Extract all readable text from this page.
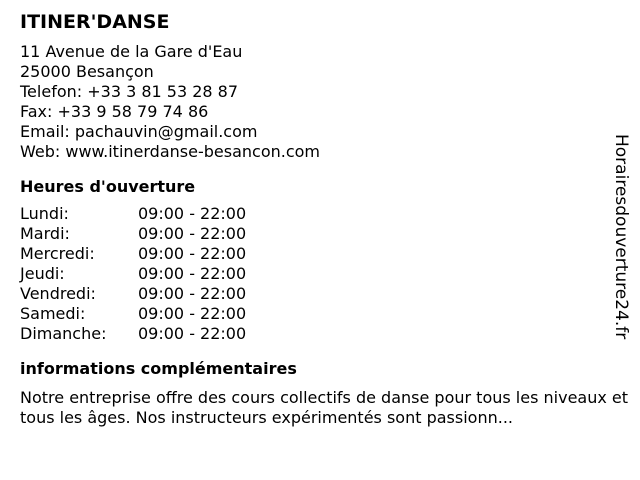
ITINER'DANSE
11 Avenue de la Gare d'Eau
25000 Besançon
Telefon: +33 3 81 53 28 87
Fax: +33 9 58 79 74 86
Email: pachauvin@gmail.com
Web: www.itinerdanse-besancon.com
Heures d'ouverture
Lundi:	09:00 - 22:00
Mardi:	09:00 - 22:00
Mercredi:	09:00 - 22:00
Jeudi:	09:00 - 22:00
Vendredi:	09:00 - 22:00
Samedi:	09:00 - 22:00
Dimanche:	09:00 - 22:00
informations complémentaires
Notre entreprise offre des cours collectifs de danse pour tous les niveaux et tous les âges. Nos instructeurs expérimentés sont passionn...
Horairesdouverture24.fr
